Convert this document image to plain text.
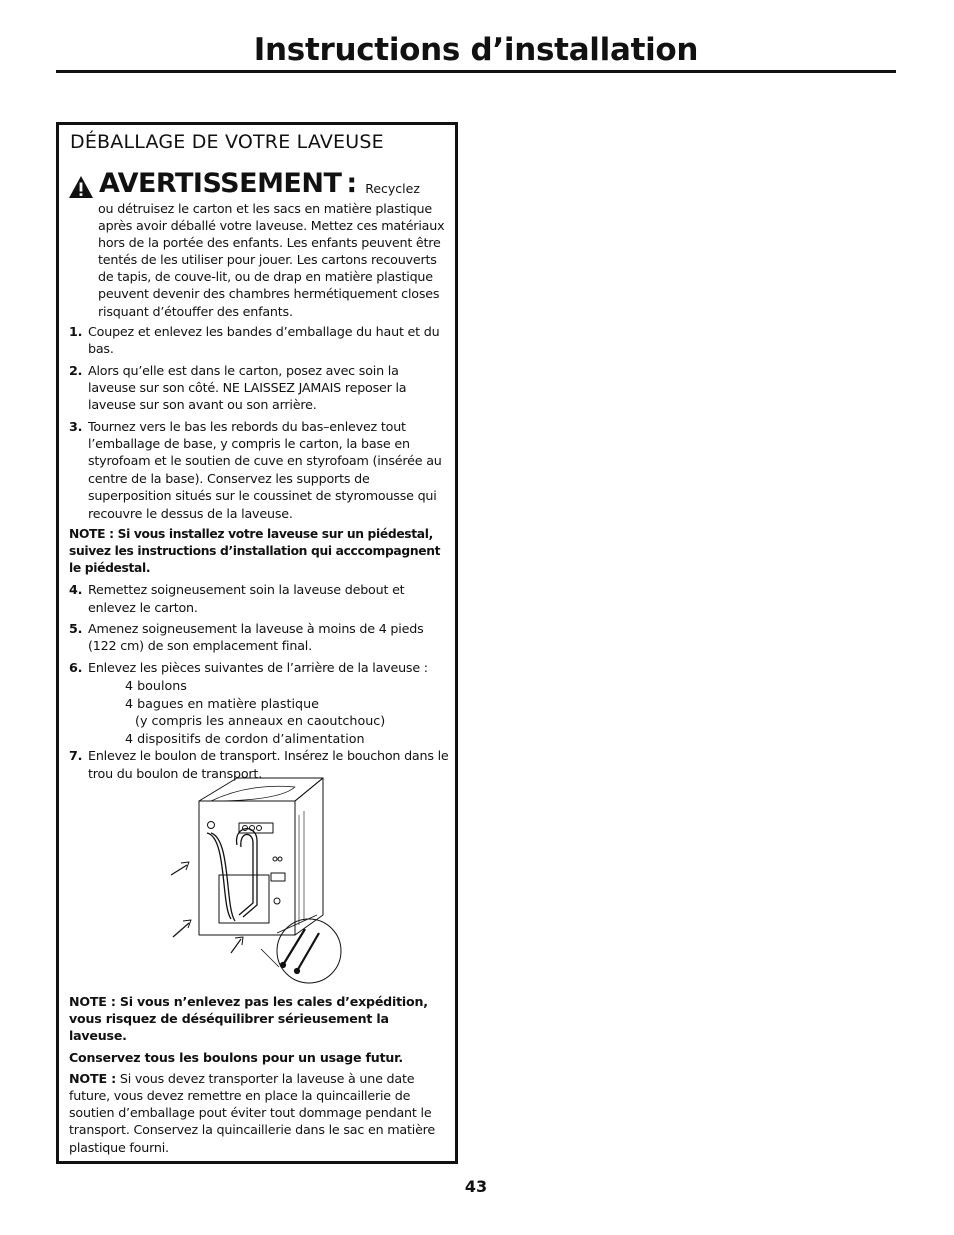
Instructions d’installation
DÉBALLAGE DE VOTRE LAVEUSE
AVERTISSEMENT : Recyclez

ou détruisez le carton et les sacs en matière plastique après avoir déballé votre laveuse. Mettez ces matériaux hors de la portée des enfants. Les enfants peuvent être tentés de les utiliser pour jouer. Les cartons recouverts de tapis, de couve-lit, ou de drap en matière plastique peuvent devenir des chambres hermétiquement closes risquant d’étouffer des enfants.

1. Coupez et enlevez les bandes d’emballage du haut et du bas.
2. Alors qu’elle est dans le carton, posez avec soin la laveuse sur son côté. NE LAISSEZ JAMAIS reposer la laveuse sur son avant ou son arrière.
3. Tournez vers le bas les rebords du bas–enlevez tout l’emballage de base, y compris le carton, la base en styrofoam et le soutien de cuve en styrofoam (insérée au centre de la base). Conservez les supports de superposition situés sur le coussinet de styromousse qui recouvre le dessus de la laveuse.

NOTE : Si vous installez votre laveuse sur un piédestal, suivez les instructions d’installation qui acccompagnent le piédestal.

4. Remettez soigneusement soin la laveuse debout et enlevez le carton.
5. Amenez soigneusement la laveuse à moins de 4 pieds (122 cm) de son emplacement final.
6. Enlevez les pièces suivantes de l’arrière de la laveuse :
4 boulons
4 bagues en matière plastique
(y compris les anneaux en caoutchouc)
4 dispositifs de cordon d’alimentation
7. Enlevez le boulon de transport. Insérez le bouchon dans le trou du boulon de transport.

NOTE : Si vous n’enlevez pas les cales d’expédition, vous risquez de déséquilibrer sérieusement la laveuse.

Conservez tous les boulons pour un usage futur.

NOTE : Si vous devez transporter la laveuse à une date future, vous devez remettre en place la quincaillerie de soutien d’emballage pout éviter tout dommage pendant le transport. Conservez la quincaillerie dans le sac en matière plastique fourni.

43
